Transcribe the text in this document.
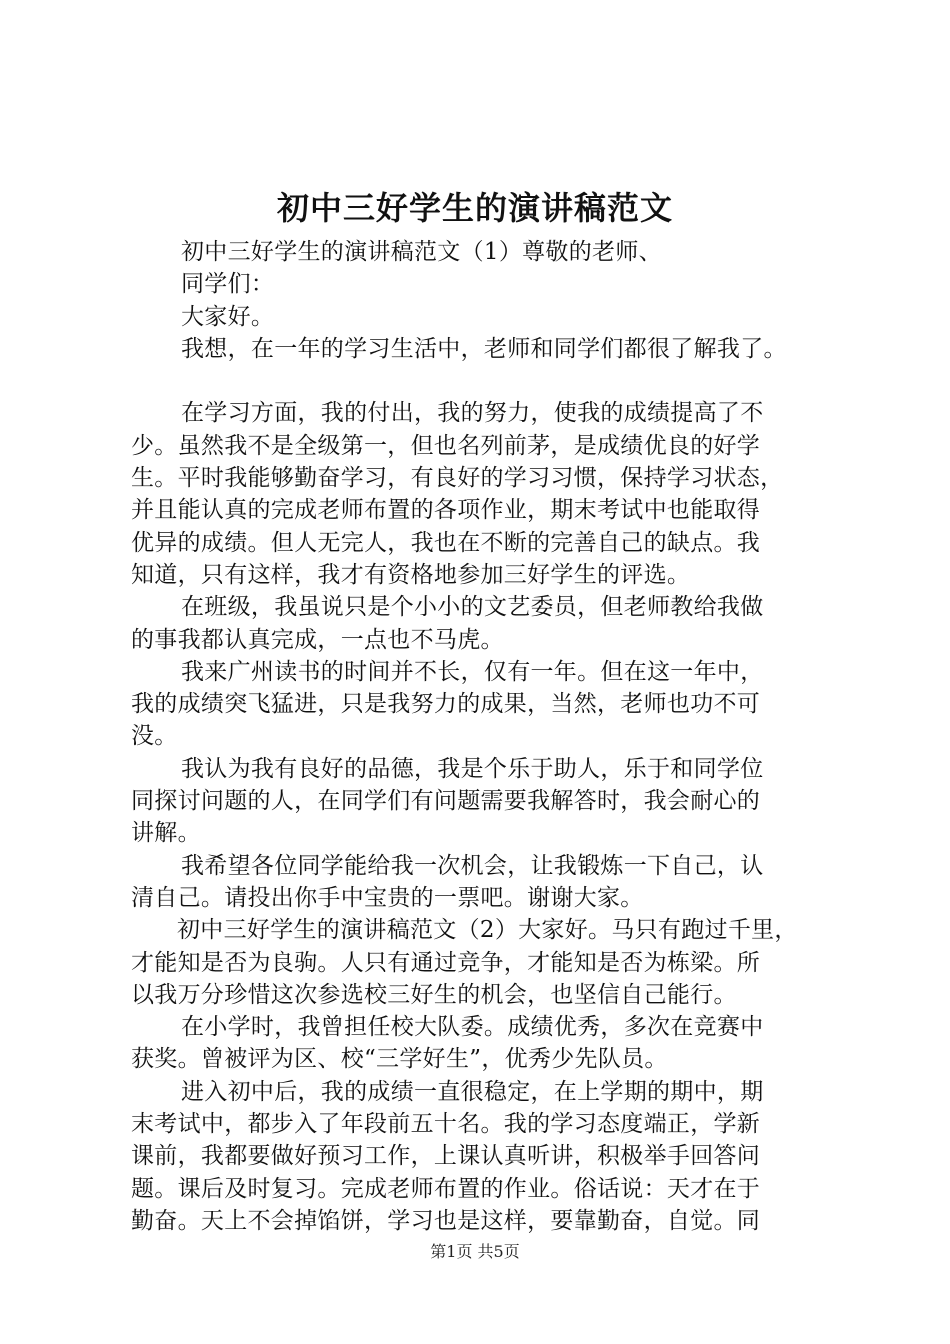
初中三好学生的演讲稿范文
初中三好学生的演讲稿范文（1）尊敬的老师、
同学们：
大家好。
我想，在一年的学习生活中，老师和同学们都很了解我了。
在学习方面，我的付出，我的努力，使我的成绩提高了不
少。虽然我不是全级第一，但也名列前茅，是成绩优良的好学
生。平时我能够勤奋学习，有良好的学习习惯，保持学习状态，
并且能认真的完成老师布置的各项作业，期末考试中也能取得
优异的成绩。但人无完人，我也在不断的完善自己的缺点。我
知道，只有这样，我才有资格地参加三好学生的评选。
在班级，我虽说只是个小小的文艺委员，但老师教给我做
的事我都认真完成，一点也不马虎。
我来广州读书的时间并不长，仅有一年。但在这一年中，
我的成绩突飞猛进，只是我努力的成果，当然，老师也功不可
没。
我认为我有良好的品德，我是个乐于助人，乐于和同学位
同探讨问题的人，在同学们有问题需要我解答时，我会耐心的
讲解。
我希望各位同学能给我一次机会，让我锻炼一下自己，认
清自己。请投出你手中宝贵的一票吧。谢谢大家。
初中三好学生的演讲稿范文（2）大家好。马只有跑过千里，
才能知是否为良驹。人只有通过竞争，才能知是否为栋梁。所
以我万分珍惜这次参选校三好生的机会，也坚信自己能行。
在小学时，我曾担任校大队委。成绩优秀，多次在竞赛中
获奖。曾被评为区、校“三学好生”，优秀少先队员。
进入初中后，我的成绩一直很稳定，在上学期的期中，期
末考试中，都步入了年段前五十名。我的学习态度端正，学新
课前，我都要做好预习工作，上课认真听讲，积极举手回答问
题。课后及时复习。完成老师布置的作业。俗话说：天才在于
勤奋。天上不会掉馅饼，学习也是这样，要靠勤奋，自觉。同
第1页 共5页
